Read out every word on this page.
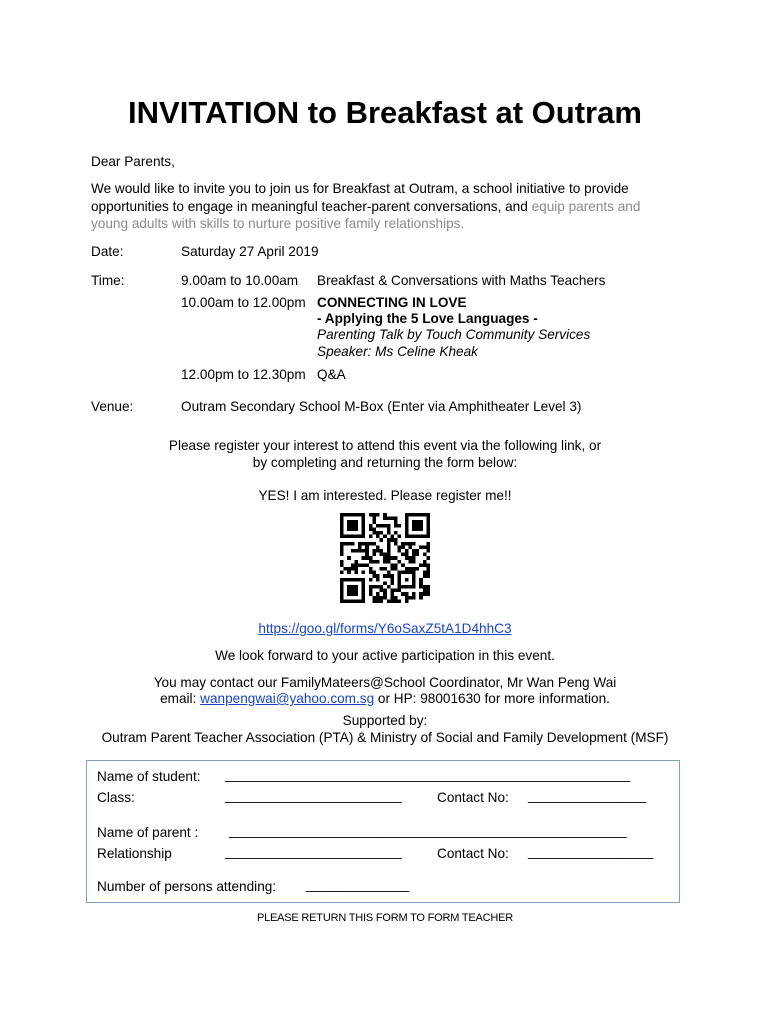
INVITATION to Breakfast at Outram
Dear Parents,
We would like to invite you to join us for Breakfast at Outram, a school initiative to provide
opportunities to engage in meaningful teacher-parent conversations, and equip parents and
young adults with skills to nurture positive family relationships.
Date:	Saturday 27 April 2019
Time:	9.00am to 10.00am Breakfast & Conversations with Maths Teachers
10.00am to 12.00pm CONNECTING IN LOVE
- Applying the 5 Love Languages -
Parenting Talk by Touch Community Services
Speaker: Ms Celine Kheak
12.00pm to 12.30pm Q&A
Venue:	Outram Secondary School M-Box (Enter via Amphitheater Level 3)
Please register your interest to attend this event via the following link, or
by completing and returning the form below:
YES! I am interested. Please register me!!
https://goo.gl/forms/Y6oSaxZ5tA1D4hhC3
We look forward to your active participation in this event.
You may contact our FamilyMateers@School Coordinator, Mr Wan Peng Wai
email: wanpengwai@yahoo.com.sg or HP: 98001630 for more information.
Supported by:
Outram Parent Teacher Association (PTA) & Ministry of Social and Family Development (MSF)
Name of student: _______________________________________________________
Class:	________________________	Contact No: ________________
Name of parent : ______________________________________________________
Relationship	________________________	Contact No: _________________
Number of persons attending: ______________
PLEASE RETURN THIS FORM TO FORM TEACHER
